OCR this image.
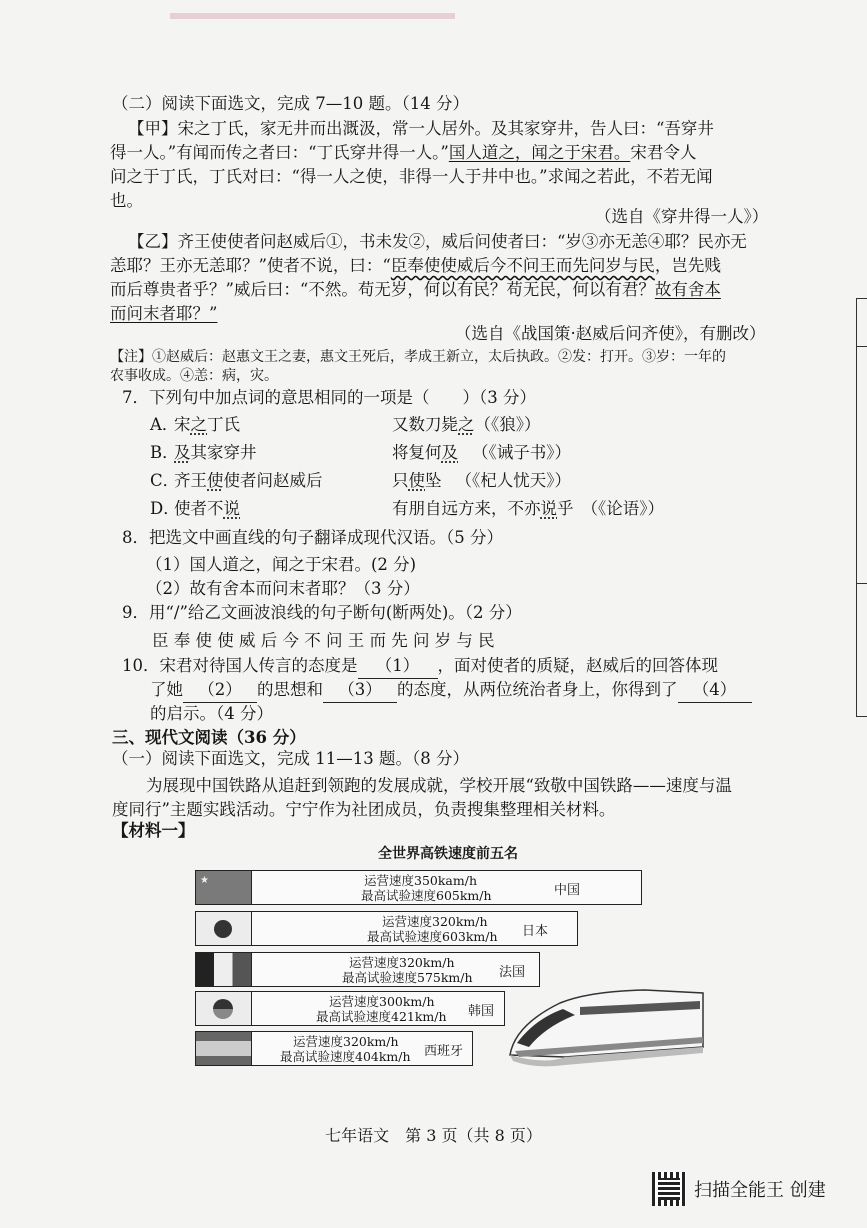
（二）阅读下面选文，完成 7—10 题。（14 分）
【甲】宋之丁氏，家无井而出溉汲，常一人居外。及其家穿井，告人曰：“吾穿井
得一人。”有闻而传之者曰：“丁氏穿井得一人。”国人道之，闻之于宋君。宋君令人
问之于丁氏，丁氏对曰：“得一人之使，非得一人于井中也。”求闻之若此，不若无闻
也。
（选自《穿井得一人》）
【乙】齐王使使者问赵威后①，书未发②，威后问使者曰：“岁③亦无恙④耶？民亦无
恙耶？王亦无恙耶？”使者不说，曰：“臣奉使使威后今不问王而先问岁与民，岂先贱
而后尊贵者乎？”威后曰：“不然。苟无岁，何以有民？苟无民，何以有君？故有舍本
而问末者耶？”
（选自《战国策·赵威后问齐使》，有删改）
【注】①赵威后：赵惠文王之妻，惠文王死后，孝成王新立，太后执政。②发：打开。③岁：一年的
农事收成。④恙：病，灾。
7．下列句中加点词的意思相同的一项是（　　）（3 分）
A．宋之丁氏	又数刀毙之（《狼》）
B．及其家穿井	将复何及 （《诫子书》）
C．齐王使使者问赵威后	只使坠 （《杞人忧天》）
D．使者不说	有朋自远方来，不亦说乎 （《论语》）
8．把选文中画直线的句子翻译成现代汉语。（5 分）
（1）国人道之，闻之于宋君。(2 分)
（2）故有舍本而问末者耶？（3 分）
9．用“/”给乙文画波浪线的句子断句(断两处)。（2 分）
臣 奉 使 使 威 后 今 不 问 王 而 先 问 岁 与 民
10．宋君对待国人传言的态度是 （1） ，面对使者的质疑，赵威后的回答体现
了她 （2） 的思想和 （3） 的态度，从两位统治者身上，你得到了 （4）
的启示。（4 分）
三、现代文阅读（36 分）
（一）阅读下面选文，完成 11—13 题。（8 分）
为展现中国铁路从追赶到领跑的发展成就，学校开展“致敬中国铁路——速度与温
度同行”主题实践活动。宁宁作为社团成员，负责搜集整理相关材料。
【材料一】
全世界高铁速度前五名
★	运营速度350kam/h
最高试验速度605km/h	中国
运营速度320km/h
最高试验速度603km/h 日本
运营速度320km/h
最高试验速度575km/h 法国
运营速度300km/h
最高试验速度421km/h 韩国
运营速度320km/h
最高试验速度404km/h 西班牙
七年语文　第 3 页（共 8 页）
扫描全能王 创建
